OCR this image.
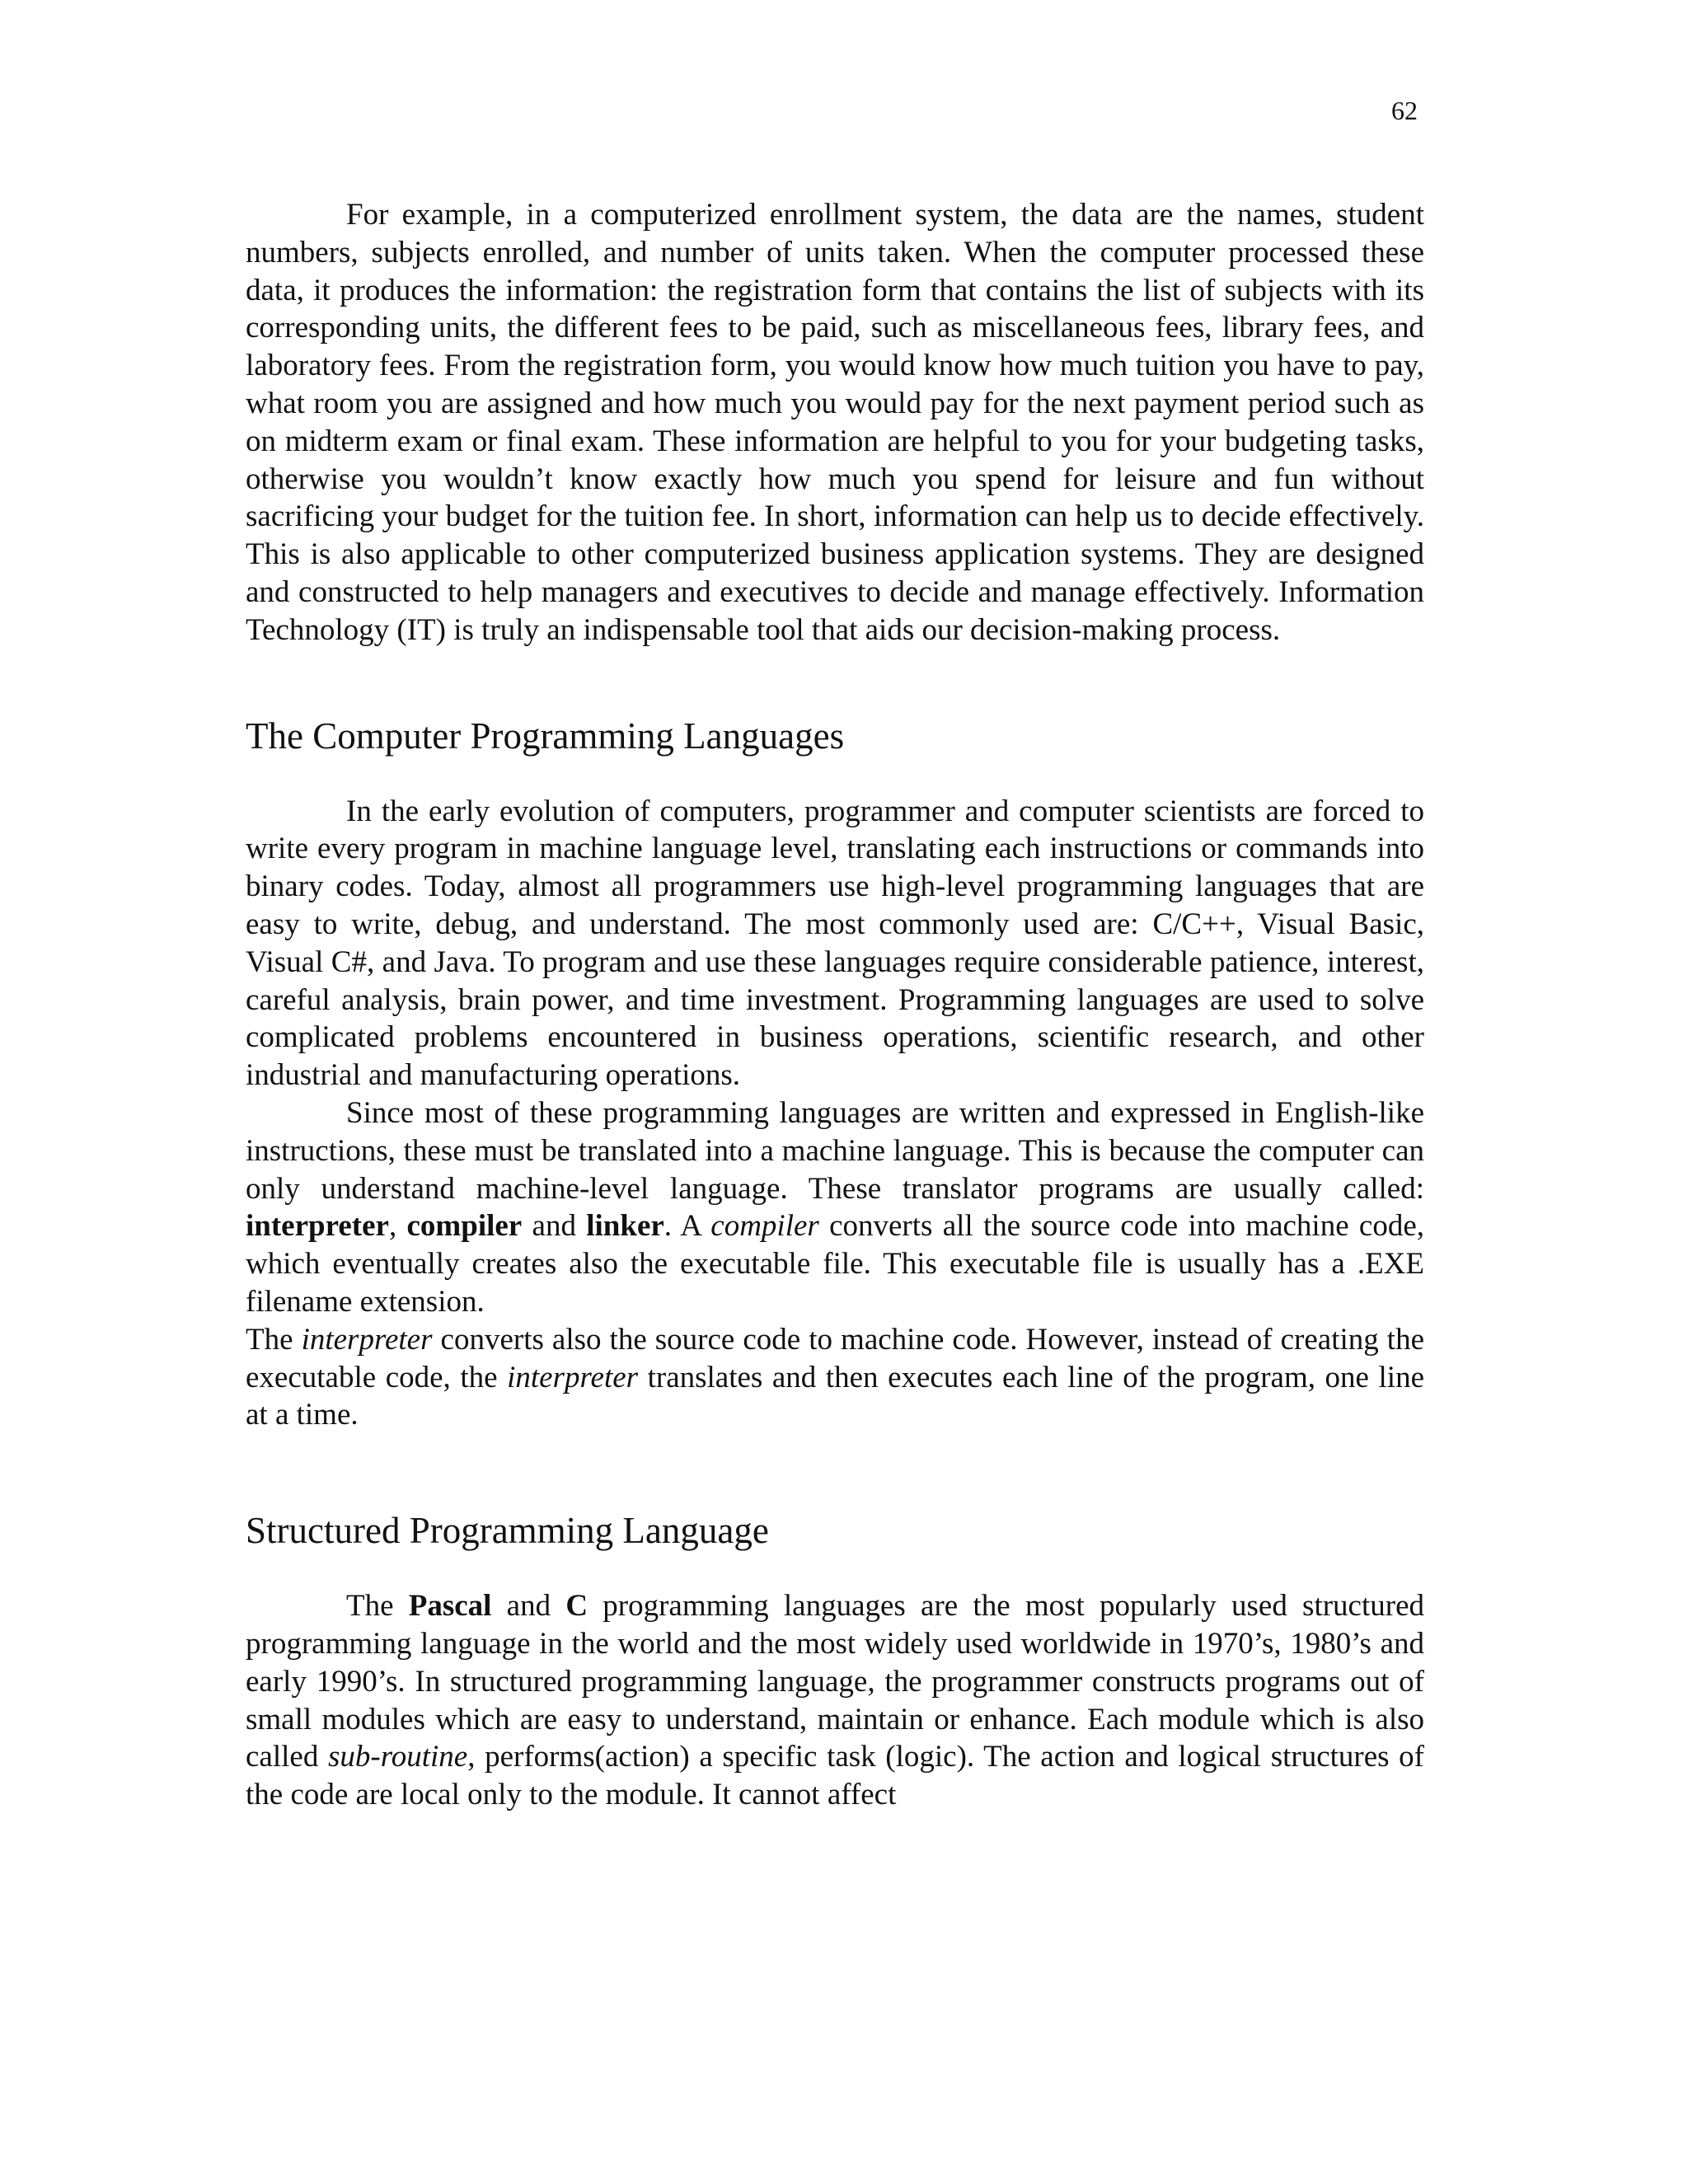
62

For example, in a computerized enrollment system, the data are the names, student numbers, subjects enrolled, and number of units taken. When the computer processed these data, it produces the information: the registration form that contains the list of subjects with its corresponding units, the different fees to be paid, such as miscellaneous fees, library fees, and laboratory fees. From the registration form, you would know how much tuition you have to pay, what room you are assigned and how much you would pay for the next payment period such as on midterm exam or final exam. These information are helpful to you for your budgeting tasks, otherwise you wouldn’t know exactly how much you spend for leisure and fun without sacrificing your budget for the tuition fee. In short, information can help us to decide effectively. This is also applicable to other computerized business application systems. They are designed and constructed to help managers and executives to decide and manage effectively. Information Technology (IT) is truly an indispensable tool that aids our decision-making process.

The Computer Programming Languages

In the early evolution of computers, programmer and computer scientists are forced to write every program in machine language level, translating each instructions or commands into binary codes. Today, almost all programmers use high-level programming languages that are easy to write, debug, and understand. The most commonly used are: C/C++, Visual Basic, Visual C#, and Java. To program and use these languages require considerable patience, interest, careful analysis, brain power, and time investment. Programming languages are used to solve complicated problems encountered in business operations, scientific research, and other industrial and manufacturing operations.

Since most of these programming languages are written and expressed in English-like instructions, these must be translated into a machine language. This is because the computer can only understand machine-level language. These translator programs are usually called: interpreter, compiler and linker. A compiler converts all the source code into machine code, which eventually creates also the executable file. This executable file is usually has a .EXE filename extension.

The interpreter converts also the source code to machine code. However, instead of creating the executable code, the interpreter translates and then executes each line of the program, one line at a time.

Structured Programming Language

The Pascal and C programming languages are the most popularly used structured programming language in the world and the most widely used worldwide in 1970’s, 1980’s and early 1990’s. In structured programming language, the programmer constructs programs out of small modules which are easy to understand, maintain or enhance. Each module which is also called sub-routine, performs(action) a specific task (logic). The action and logical structures of the code are local only to the module. It cannot affect
